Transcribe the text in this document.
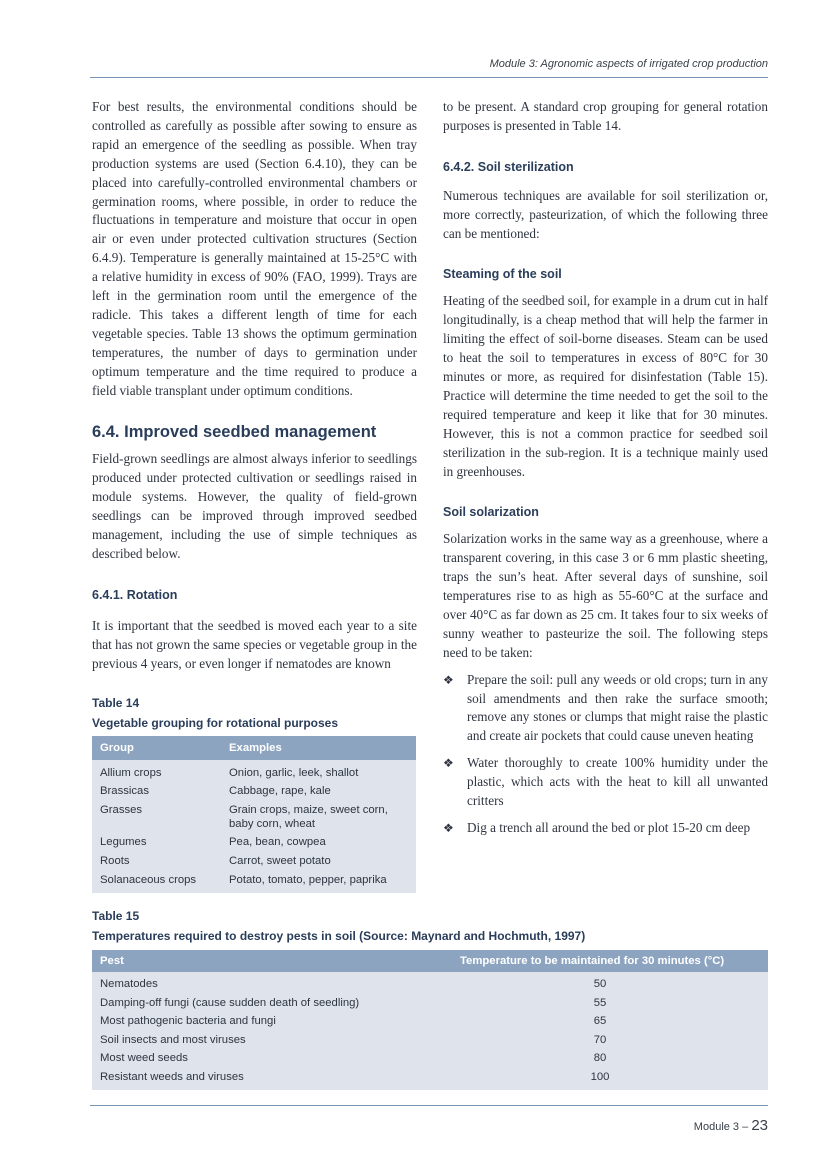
Module 3: Agronomic aspects of irrigated crop production

For best results, the environmental conditions should be controlled as carefully as possible after sowing to ensure as rapid an emergence of the seedling as possible. When tray production systems are used (Section 6.4.10), they can be placed into carefully-controlled environmental chambers or germination rooms, where possible, in order to reduce the fluctuations in temperature and moisture that occur in open air or even under protected cultivation structures (Section 6.4.9). Temperature is generally maintained at 15-25°C with a relative humidity in excess of 90% (FAO, 1999). Trays are left in the germination room until the emergence of the radicle. This takes a different length of time for each vegetable species. Table 13 shows the optimum germination temperatures, the number of days to germination under optimum temperature and the time required to produce a field viable transplant under optimum conditions.

6.4. Improved seedbed management

Field-grown seedlings are almost always inferior to seedlings produced under protected cultivation or seedlings raised in module systems. However, the quality of field-grown seedlings can be improved through improved seedbed management, including the use of simple techniques as described below.

6.4.1. Rotation

It is important that the seedbed is moved each year to a site that has not grown the same species or vegetable group in the previous 4 years, or even longer if nematodes are known

to be present. A standard crop grouping for general rotation purposes is presented in Table 14.

6.4.2. Soil sterilization

Numerous techniques are available for soil sterilization or, more correctly, pasteurization, of which the following three can be mentioned:

Steaming of the soil

Heating of the seedbed soil, for example in a drum cut in half longitudinally, is a cheap method that will help the farmer in limiting the effect of soil-borne diseases. Steam can be used to heat the soil to temperatures in excess of 80°C for 30 minutes or more, as required for disinfestation (Table 15). Practice will determine the time needed to get the soil to the required temperature and keep it like that for 30 minutes. However, this is not a common practice for seedbed soil sterilization in the sub-region. It is a technique mainly used in greenhouses.

Soil solarization

Solarization works in the same way as a greenhouse, where a transparent covering, in this case 3 or 6 mm plastic sheeting, traps the sun’s heat. After several days of sunshine, soil temperatures rise to as high as 55-60°C at the surface and over 40°C as far down as 25 cm. It takes four to six weeks of sunny weather to pasteurize the soil. The following steps need to be taken:

❖ Prepare the soil: pull any weeds or old crops; turn in any soil amendments and then rake the surface smooth; remove any stones or clumps that might raise the plastic and create air pockets that could cause uneven heating
❖ Water thoroughly to create 100% humidity under the plastic, which acts with the heat to kill all unwanted critters
❖ Dig a trench all around the bed or plot 15-20 cm deep
Table 14
Vegetable grouping for rotational purposes
Group	Examples
Allium crops	Onion, garlic, leek, shallot
Brassicas	Cabbage, rape, kale
Grasses	Grain crops, maize, sweet corn,
baby corn, wheat
Legumes	Pea, bean, cowpea
Roots	Carrot, sweet potato
Solanaceous crops	Potato, tomato, pepper, paprika
Table 15
Temperatures required to destroy pests in soil (Source: Maynard and Hochmuth, 1997)
Pest	Temperature to be maintained for 30 minutes (°C)
Nematodes	50
Damping-off fungi (cause sudden death of seedling)	55
Most pathogenic bacteria and fungi	65
Soil insects and most viruses	70
Most weed seeds	80
Resistant weeds and viruses	100
Module 3 – 23
